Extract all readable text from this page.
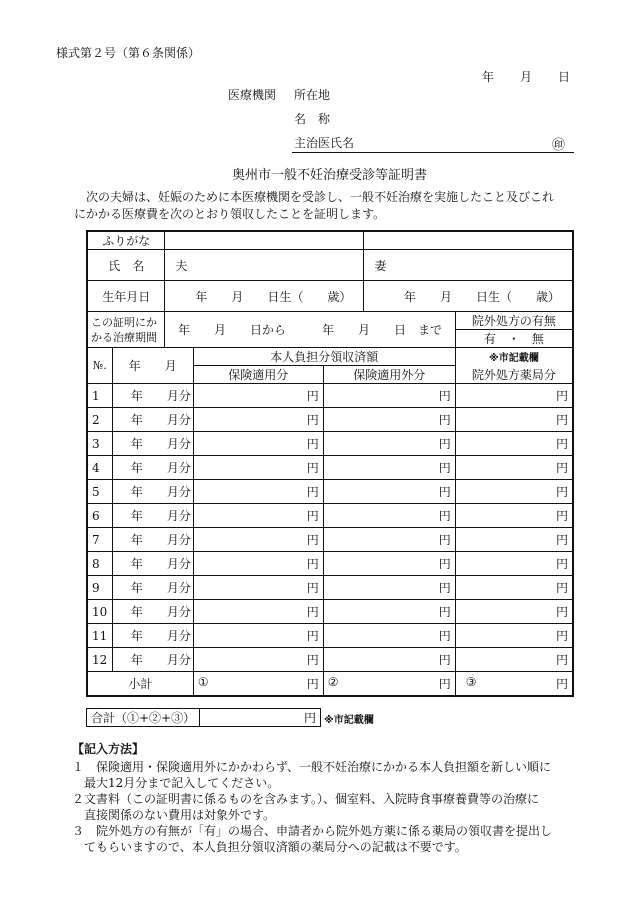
様式第２号（第６条関係）
年 月 日
医療機関 所在地
名　称
主治医氏名	㊞
奥州市一般不妊治療受診等証明書
次の夫婦は、妊娠のために本医療機関を受診し、一般不妊治療を実施したこと及びこれ
にかかる医療費を次のとおり領収したことを証明します。
ふりがな						
氏　名		夫			妻	
生年月日		年　　月　　日生（　　歳）			年　　月　　日生（　　歳）	

この証明にか
かる治療期間		年　　月　　日から　　　年　　月　　日　まで				院外処方の有無
						有　・　無
№.	年　　月		本人負担分領収済額			※市記載欄
			保険適用分	保険適用外分		院外処方薬局分
1	年　　月分		円	円		円
2	年　　月分		円	円		円
3	年　　月分		円	円		円
4	年　　月分		円	円		円
5	年　　月分		円	円		円
6	年　　月分		円	円		円
7	年　　月分		円	円		円
8	年　　月分		円	円		円
9	年　　月分		円	円		円
10	年　　月分		円	円		円
11	年　　月分		円	円		円
12	年　　月分		円	円		円
小計			① 円	② 円		③ 円
合計（①+②+③）	円 ※市記載欄
【記入方法】
１　保険適用・保険適用外にかかわらず、一般不妊治療にかかる本人負担額を新しい順に
　最大12月分まで記入してください。
２文書料（この証明書に係るものを含みます。）、個室料、入院時食事療養費等の治療に
　直接関係のない費用は対象外です。
３　院外処方の有無が「有」の場合、申請者から院外処方薬に係る薬局の領収書を提出し
　てもらいますので、本人負担分領収済額の薬局分への記載は不要です。
